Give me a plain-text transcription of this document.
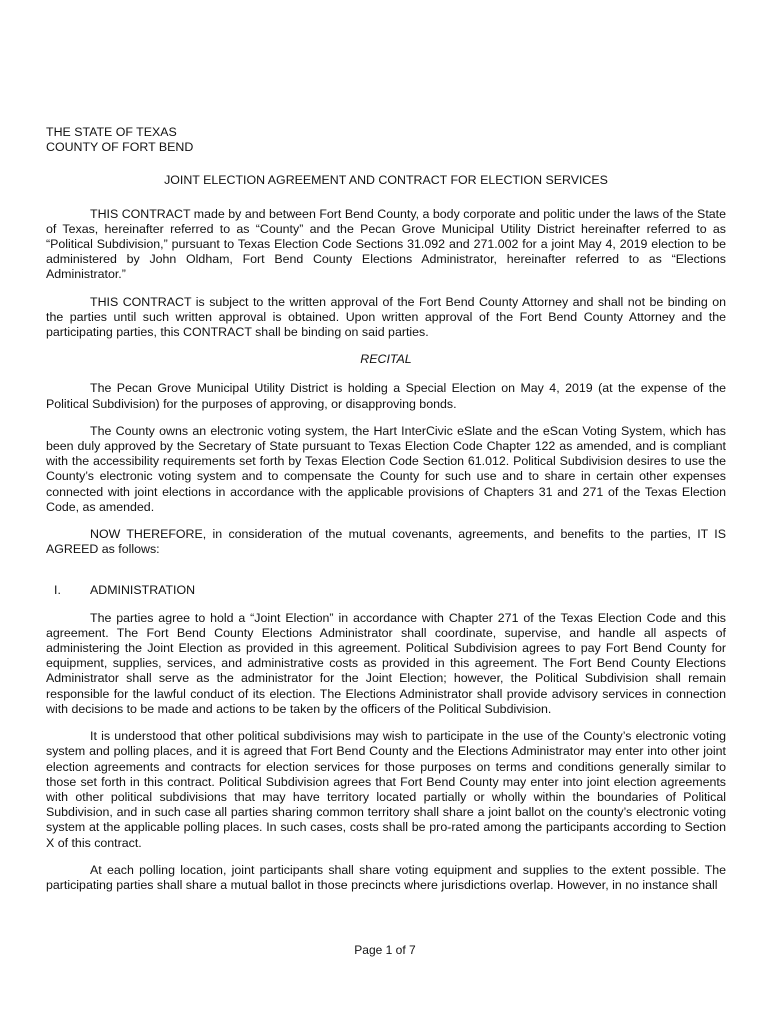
THE STATE OF TEXAS

COUNTY OF FORT BEND

JOINT ELECTION AGREEMENT AND CONTRACT FOR ELECTION SERVICES

THIS CONTRACT made by and between Fort Bend County, a body corporate and politic under the laws of the State of Texas, hereinafter referred to as “County” and the Pecan Grove Municipal Utility District hereinafter referred to as “Political Subdivision,” pursuant to Texas Election Code Sections 31.092 and 271.002 for a joint May 4, 2019 election to be administered by John Oldham, Fort Bend County Elections Administrator, hereinafter referred to as “Elections Administrator.”

THIS CONTRACT is subject to the written approval of the Fort Bend County Attorney and shall not be binding on the parties until such written approval is obtained. Upon written approval of the Fort Bend County Attorney and the participating parties, this CONTRACT shall be binding on said parties.

RECITAL

The Pecan Grove Municipal Utility District is holding a Special Election on May 4, 2019 (at the expense of the Political Subdivision) for the purposes of approving, or disapproving bonds.

The County owns an electronic voting system, the Hart InterCivic eSlate and the eScan Voting System, which has been duly approved by the Secretary of State pursuant to Texas Election Code Chapter 122 as amended, and is compliant with the accessibility requirements set forth by Texas Election Code Section 61.012. Political Subdivision desires to use the County’s electronic voting system and to compensate the County for such use and to share in certain other expenses connected with joint elections in accordance with the applicable provisions of Chapters 31 and 271 of the Texas Election Code, as amended.

NOW THEREFORE, in consideration of the mutual covenants, agreements, and benefits to the parties, IT IS AGREED as follows:

I.	ADMINISTRATION

The parties agree to hold a “Joint Election” in accordance with Chapter 271 of the Texas Election Code and this agreement. The Fort Bend County Elections Administrator shall coordinate, supervise, and handle all aspects of administering the Joint Election as provided in this agreement. Political Subdivision agrees to pay Fort Bend County for equipment, supplies, services, and administrative costs as provided in this agreement. The Fort Bend County Elections Administrator shall serve as the administrator for the Joint Election; however, the Political Subdivision shall remain responsible for the lawful conduct of its election. The Elections Administrator shall provide advisory services in connection with decisions to be made and actions to be taken by the officers of the Political Subdivision.

It is understood that other political subdivisions may wish to participate in the use of the County’s electronic voting system and polling places, and it is agreed that Fort Bend County and the Elections Administrator may enter into other joint election agreements and contracts for election services for those purposes on terms and conditions generally similar to those set forth in this contract. Political Subdivision agrees that Fort Bend County may enter into joint election agreements with other political subdivisions that may have territory located partially or wholly within the boundaries of Political Subdivision, and in such case all parties sharing common territory shall share a joint ballot on the county’s electronic voting system at the applicable polling places. In such cases, costs shall be pro-rated among the participants according to Section X of this contract.

At each polling location, joint participants shall share voting equipment and supplies to the extent possible. The participating parties shall share a mutual ballot in those precincts where jurisdictions overlap. However, in no instance shall

Page 1 of 7
